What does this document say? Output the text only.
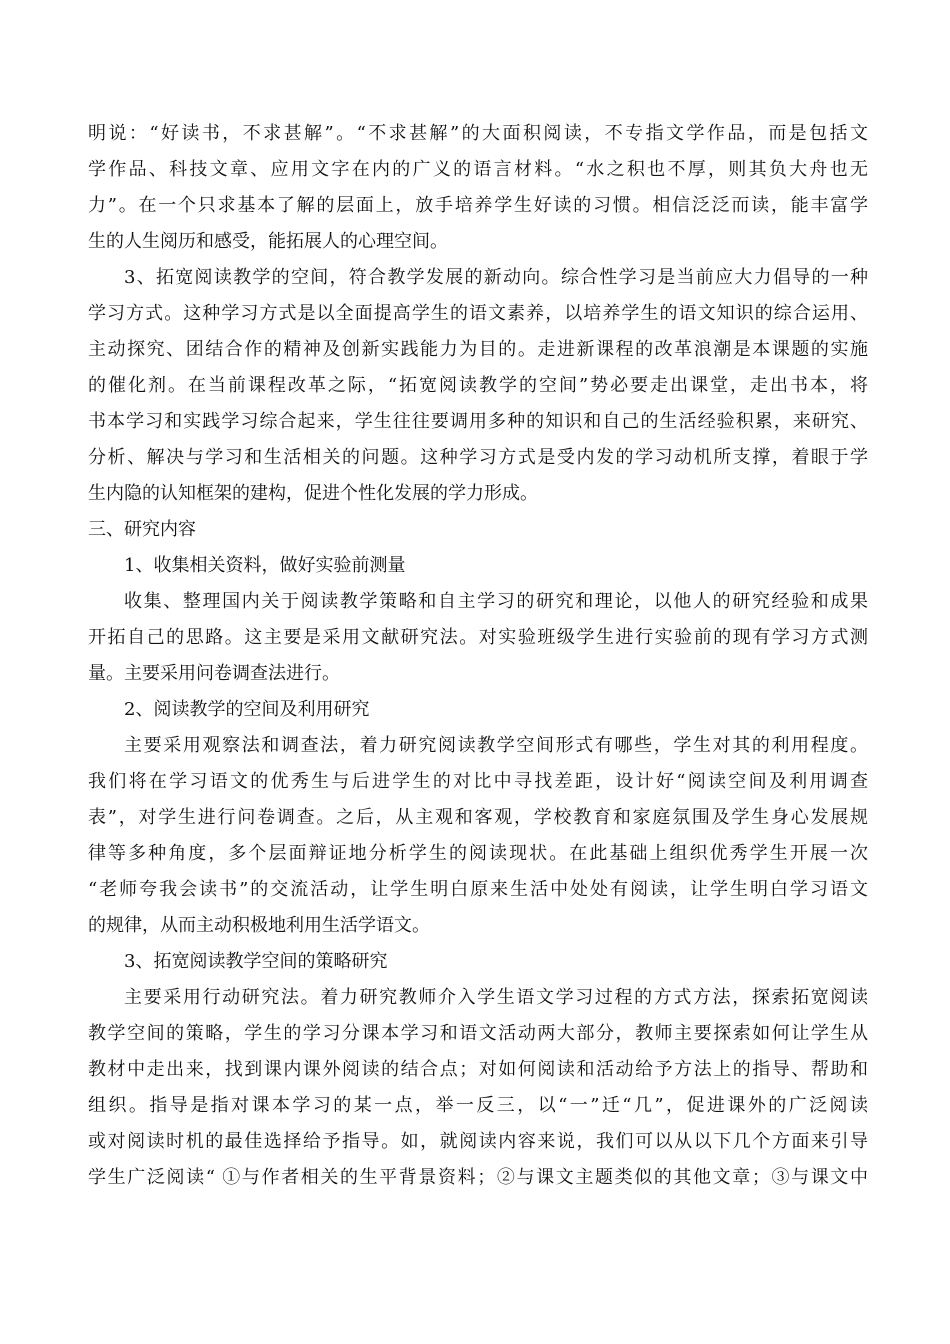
明说：“好读书，不求甚解”。“不求甚解”的大面积阅读，不专指文学作品，而是包括文
学作品、科技文章、应用文字在内的广义的语言材料。“水之积也不厚，则其负大舟也无
力”。在一个只求基本了解的层面上，放手培养学生好读的习惯。相信泛泛而读，能丰富学
生的人生阅历和感受，能拓展人的心理空间。
3、拓宽阅读教学的空间，符合教学发展的新动向。综合性学习是当前应大力倡导的一种
学习方式。这种学习方式是以全面提高学生的语文素养，以培养学生的语文知识的综合运用、
主动探究、团结合作的精神及创新实践能力为目的。走进新课程的改革浪潮是本课题的实施
的催化剂。在当前课程改革之际，“拓宽阅读教学的空间”势必要走出课堂，走出书本，将
书本学习和实践学习综合起来，学生往往要调用多种的知识和自己的生活经验积累，来研究、
分析、解决与学习和生活相关的问题。这种学习方式是受内发的学习动机所支撑，着眼于学
生内隐的认知框架的建构，促进个性化发展的学力形成。
三、研究内容
1、收集相关资料，做好实验前测量
收集、整理国内关于阅读教学策略和自主学习的研究和理论，以他人的研究经验和成果
开拓自己的思路。这主要是采用文献研究法。对实验班级学生进行实验前的现有学习方式测
量。主要采用问卷调查法进行。
2、阅读教学的空间及利用研究
主要采用观察法和调查法，着力研究阅读教学空间形式有哪些，学生对其的利用程度。
我们将在学习语文的优秀生与后进学生的对比中寻找差距，设计好“阅读空间及利用调查
表”，对学生进行问卷调查。之后，从主观和客观，学校教育和家庭氛围及学生身心发展规
律等多种角度，多个层面辩证地分析学生的阅读现状。在此基础上组织优秀学生开展一次
“老师夸我会读书”的交流活动，让学生明白原来生活中处处有阅读，让学生明白学习语文
的规律，从而主动积极地利用生活学语文。
3、拓宽阅读教学空间的策略研究
主要采用行动研究法。着力研究教师介入学生语文学习过程的方式方法，探索拓宽阅读
教学空间的策略，学生的学习分课本学习和语文活动两大部分，教师主要探索如何让学生从
教材中走出来，找到课内课外阅读的结合点；对如何阅读和活动给予方法上的指导、帮助和
组织。指导是指对课本学习的某一点，举一反三，以“一”迁“几”，促进课外的广泛阅读
或对阅读时机的最佳选择给予指导。如，就阅读内容来说，我们可以从以下几个方面来引导
学生广泛阅读“ ①与作者相关的生平背景资料；②与课文主题类似的其他文章；③与课文中
